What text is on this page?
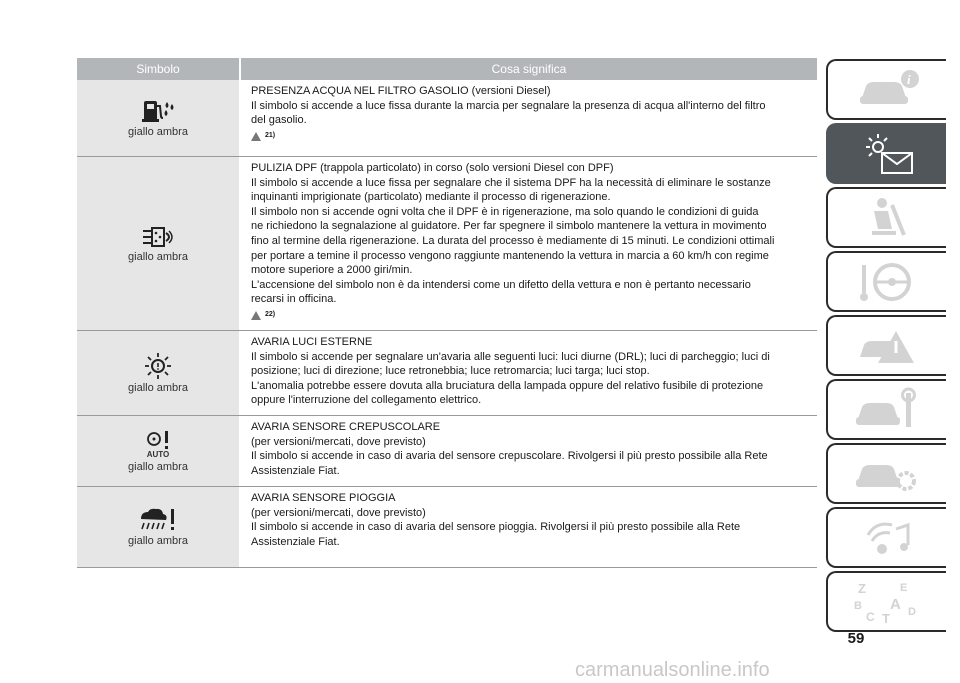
Simbolo	Cosa significa
giallo ambra

PRESENZA ACQUA NEL FILTRO GASOLIO (versioni Diesel)

Il simbolo si accende a luce fissa durante la marcia per segnalare la presenza di acqua all'interno del filtro

del gasolio.

21)
giallo ambra

PULIZIA DPF (trappola particolato) in corso (solo versioni Diesel con DPF)

Il simbolo si accende a luce fissa per segnalare che il sistema DPF ha la necessità di eliminare le sostanze

inquinanti imprigionate (particolato) mediante il processo di rigenerazione.

Il simbolo non si accende ogni volta che il DPF è in rigenerazione, ma solo quando le condizioni di guida

ne richiedono la segnalazione al guidatore. Per far spegnere il simbolo mantenere la vettura in movimento

fino al termine della rigenerazione. La durata del processo è mediamente di 15 minuti. Le condizioni ottimali

per portare a temine il processo vengono raggiunte mantenendo la vettura in marcia a 60 km/h con regime

motore superiore a 2000 giri/min.

L'accensione del simbolo non è da intendersi come un difetto della vettura e non è pertanto necessario

recarsi in officina.

22)
giallo ambra

AVARIA LUCI ESTERNE

Il simbolo si accende per segnalare un'avaria alle seguenti luci: luci diurne (DRL); luci di parcheggio; luci di

posizione; luci di direzione; luce retronebbia; luce retromarcia; luci targa; luci stop.

L'anomalia potrebbe essere dovuta alla bruciatura della lampada oppure del relativo fusibile di protezione

oppure l'interruzione del collegamento elettrico.

AUTO
giallo ambra

AVARIA SENSORE CREPUSCOLARE

(per versioni/mercati, dove previsto)

Il simbolo si accende in caso di avaria del sensore crepuscolare. Rivolgersi il più presto possibile alla Rete

Assistenziale Fiat.

giallo ambra

AVARIA SENSORE PIOGGIA

(per versioni/mercati, dove previsto)

Il simbolo si accende in caso di avaria del sensore pioggia. Rivolgersi il più presto possibile alla Rete

Assistenziale Fiat.

i
Z	E
B A
C T D
59
carmanualsonline.info
